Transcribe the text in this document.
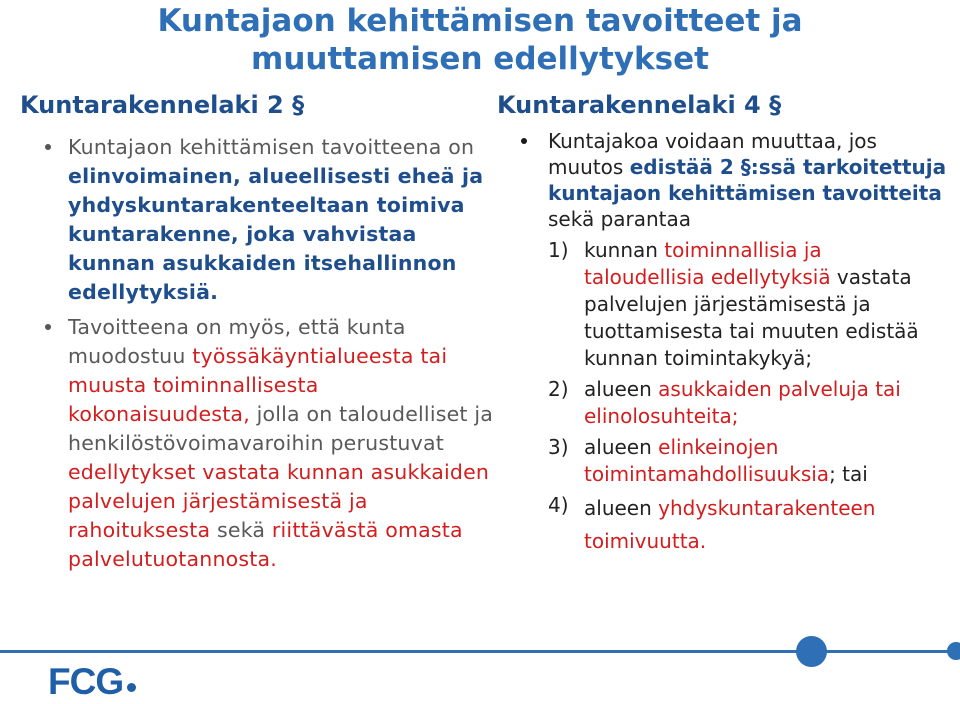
Kuntajaon kehittämisen tavoitteet ja
muuttamisen edellytykset
Kuntarakennelaki 2 §
Kuntajaon kehittämisen tavoitteena on elinvoimainen, alueellisesti eheä ja yhdyskuntarakenteeltaan toimiva kuntarakenne, joka vahvistaa kunnan asukkaiden itsehallinnon edellytyksiä.
Tavoitteena on myös, että kunta muodostuu työssäkäyntialueesta tai muusta toiminnallisesta kokonaisuudesta, jolla on taloudelliset ja henkilöstövoimavaroihin perustuvat edellytykset vastata kunnan asukkaiden palvelujen järjestämisestä ja rahoituksesta sekä riittävästä omasta palvelutuotannosta.
Kuntarakennelaki 4 §
Kuntajakoa voidaan muuttaa, jos muutos edistää 2 §:ssä tarkoitettuja kuntajaon kehittämisen tavoitteita sekä parantaa
1) kunnan toiminnallisia ja taloudellisia edellytyksiä vastata palvelujen järjestämisestä ja tuottamisesta tai muuten edistää kunnan toimintakykyä;
2) alueen asukkaiden palveluja tai elinolosuhteita;
3) alueen elinkeinojen toimintamahdollisuuksia; tai
4) alueen yhdyskuntarakenteen toimivuutta.
FCG
